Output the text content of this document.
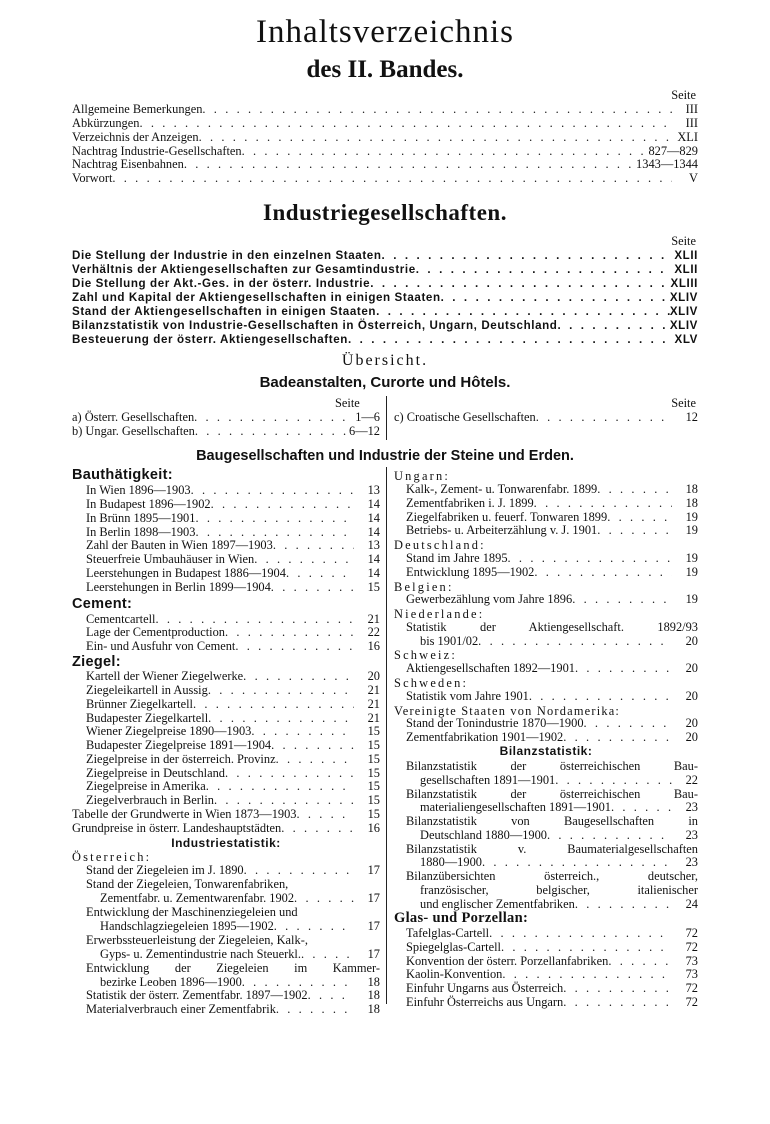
Inhaltsverzeichnis
des II. Bandes.
Seite
Allgemeine Bemerkungen . . .	III
Abkürzungen . . .	III
Verzeichnis der Anzeigen . . .	XLI
Nachtrag Industrie-Gesellschaften . . .	827—829
Nachtrag Eisenbahnen . . .	1343—1344
Vorwort . . .	V
Industriegesellschaften.
Seite
Die Stellung der Industrie in den einzelnen Staaten . . .	XLII
Verhältnis der Aktiengesellschaften zur Gesamtindustrie . . .	XLII
Die Stellung der Akt.-Ges. in der österr. Industrie . . .	XLIII
Zahl und Kapital der Aktiengesellschaften in einigen Staaten . . .	XLIV
Stand der Aktiengesellschaften in einigen Staaten . . .	XLIV
Bilanzstatistik von Industrie-Gesellschaften in Österreich, Ungarn, Deutschland . . .	XLIV
Besteuerung der österr. Aktiengesellschaften . . .	XLV
Übersicht.
Badeanstalten, Curorte und Hôtels.
Seite	Seite
a) Österr. Gesellschaften . . .	1—6
b) Ungar. Gesellschaften . . .	6—12
c) Croatische Gesellschaften . . .	12
Baugesellschaften und Industrie der Steine und Erden.
Bauthätigkeit:
In Wien 1896—1903 . . .	13
In Budapest 1896—1902 . . .	14
In Brünn 1895—1901 . . .	14
In Berlin 1898—1903 . . .	14
Zahl der Bauten in Wien 1897—1903 . . .	13
Steuerfreie Umbauhäuser in Wien . . .	14
Leerstehungen in Budapest 1886—1904 . . .	14
Leerstehungen in Berlin 1899—1904 . . .	15
Cement:
Cementcartell . . .	21
Lage der Cementproduction . . .	22
Ein- und Ausfuhr von Cement . . .	16
Ziegel:
Kartell der Wiener Ziegelwerke . . .	20
Ziegeleikartell in Aussig . . .	21
Brünner Ziegelkartell . . .	21
Budapester Ziegelkartell . . .	21
Wiener Ziegelpreise 1890—1903 . . .	15
Budapester Ziegelpreise 1891—1904 . . .	15
Ziegelpreise in der österreich. Provinz . . .	15
Ziegelpreise in Deutschland . . .	15
Ziegelpreise in Amerika . . .	15
Ziegelverbrauch in Berlin . . .	15
Tabelle der Grundwerte in Wien 1873—1903 . . .	15
Grundpreise in österr. Landeshauptstädten . . .	16
Industriestatistik:
Österreich:
Stand der Ziegeleien im J. 1890 . . .	17
Stand der Ziegeleien, Tonwarenfabriken,
Zementfabr. u. Zementwarenfabr. 1902 . . .	17
Entwicklung der Maschinenziegeleien und
Handschlagziegeleien 1895—1902 . . .	17
Erwerbssteuerleistung der Ziegeleien, Kalk-,
Gyps- u. Zementindustrie nach Steuerkl. . . .	17
Entwicklung der Ziegeleien im Kammer-
bezirke Leoben 1896—1900 . . .	18
Statistik der österr. Zementfabr. 1897—1902 . . .	18
Materialverbrauch einer Zementfabrik . . .	18
Ungarn:
Kalk-, Zement- u. Tonwarenfabr. 1899 . . .	18
Zementfabriken i. J. 1899 . . .	18
Ziegelfabriken u. feuerf. Tonwaren 1899 . . .	19
Betriebs- u. Arbeiterzählung v. J. 1901 . . .	19
Deutschland:
Stand im Jahre 1895 . . .	19
Entwicklung 1895—1902 . . .	19
Belgien:
Gewerbezählung vom Jahre 1896 . . .	19
Niederlande:
Statistik der Aktiengesellschaft. 1892/93
bis 1901/02 . . .	20
Schweiz:
Aktiengesellschaften 1892—1901 . . .	20
Schweden:
Statistik vom Jahre 1901 . . .	20
Vereinigte Staaten von Nordamerika:
Stand der Tonindustrie 1870—1900 . . .	20
Zementfabrikation 1901—1902 . . .	20
Bilanzstatistik:
Bilanzstatistik der österreichischen Bau-
gesellschaften 1891—1901 . . .	22
Bilanzstatistik der österreichischen Bau-
materialiengesellschaften 1891—1901 . . .	23
Bilanzstatistik von Baugesellschaften in
Deutschland 1880—1900 . . .	23
Bilanzstatistik v. Baumaterialgesellschaften
1880—1900 . . .	23
Bilanzübersichten österreich., deutscher,
französischer, belgischer, italienischer
und englischer Zementfabriken . . .	24
Glas- und Porzellan:
Tafelglas-Cartell . . .	72
Spiegelglas-Cartell . . .	72
Konvention der österr. Porzellanfabriken . . .	73
Kaolin-Konvention . . .	73
Einfuhr Ungarns aus Österreich . . .	72
Einfuhr Österreichs aus Ungarn . . .	72
